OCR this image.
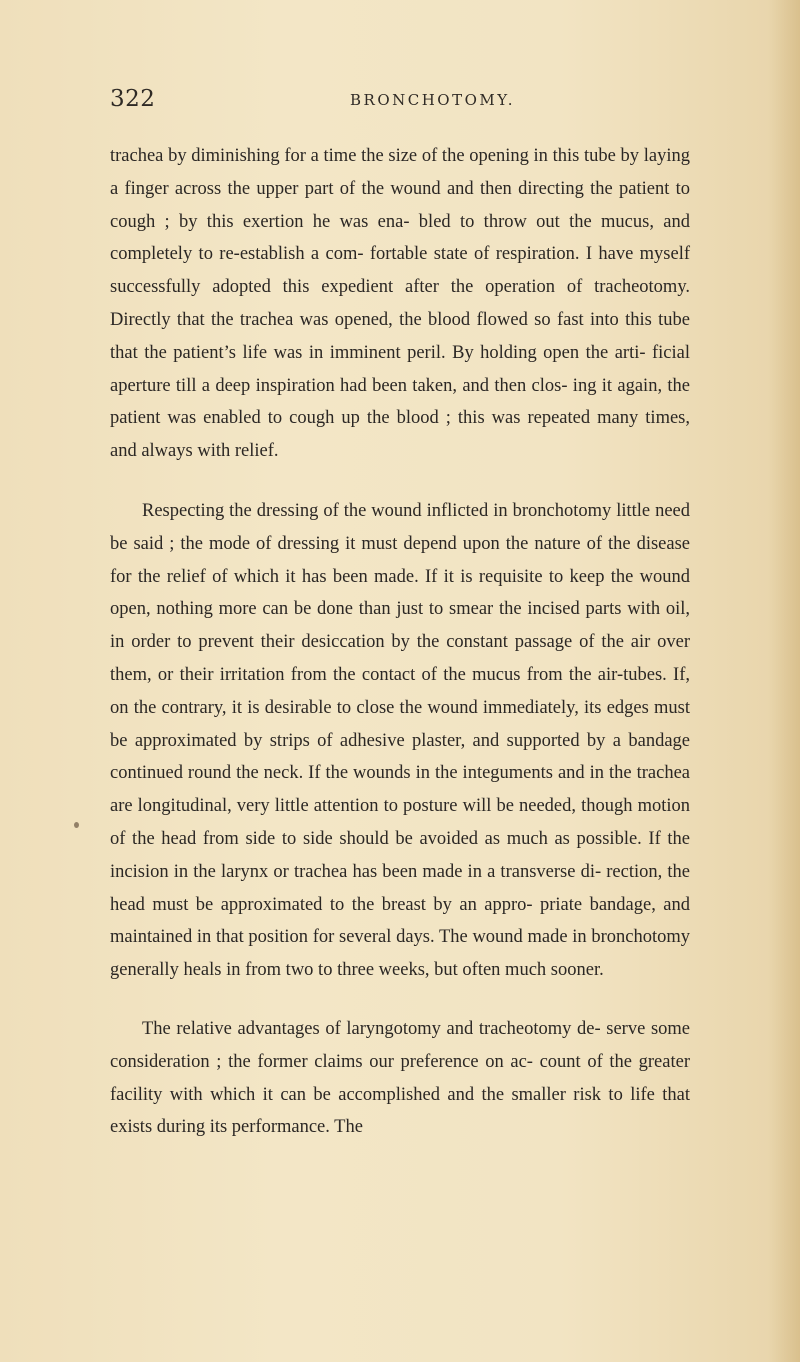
322	BRONCHOTOMY.

trachea by diminishing for a time the size of the opening in this tube by laying a finger across the upper part of the wound and then directing the patient to cough ; by this exertion he was ena- bled to throw out the mucus, and completely to re-establish a com- fortable state of respiration. I have myself successfully adopted this expedient after the operation of tracheotomy. Directly that the trachea was opened, the blood flowed so fast into this tube that the patient’s life was in imminent peril. By holding open the arti- ficial aperture till a deep inspiration had been taken, and then clos- ing it again, the patient was enabled to cough up the blood ; this was repeated many times, and always with relief.

Respecting the dressing of the wound inflicted in bronchotomy little need be said ; the mode of dressing it must depend upon the nature of the disease for the relief of which it has been made. If it is requisite to keep the wound open, nothing more can be done than just to smear the incised parts with oil, in order to prevent their desiccation by the constant passage of the air over them, or their irritation from the contact of the mucus from the air-tubes. If, on the contrary, it is desirable to close the wound immediately, its edges must be approximated by strips of adhesive plaster, and supported by a bandage continued round the neck. If the wounds in the integuments and in the trachea are longitudinal, very little attention to posture will be needed, though motion of the head from side to side should be avoided as much as possible. If the incision in the larynx or trachea has been made in a transverse di- rection, the head must be approximated to the breast by an appro- priate bandage, and maintained in that position for several days. The wound made in bronchotomy generally heals in from two to three weeks, but often much sooner.

The relative advantages of laryngotomy and tracheotomy de- serve some consideration ; the former claims our preference on ac- count of the greater facility with which it can be accomplished and the smaller risk to life that exists during its performance. The
